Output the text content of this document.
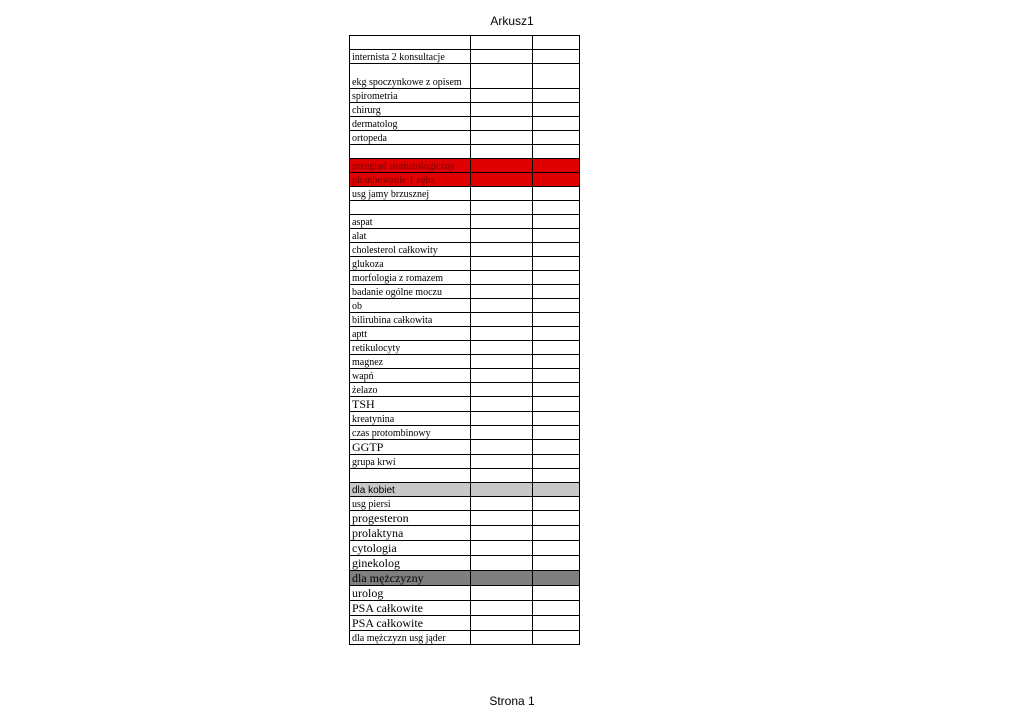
Arkusz1

internista 2 konsultacje		
ekg spoczynkowe z opisem		
spirometria		
chirurg		
dermatolog		
ortopeda		

przegląd stomatologiczny		
plombowanie 1 zęba		
usg jamy brzusznej		

aspat		
alat		
cholesterol całkowity		
glukoza		
morfologia z romazem		
badanie ogólne moczu		
ob		
bilirubina całkowita		
aptt		
retikulocyty		
magnez		
wapń		
żelazo		
TSH		
kreatynina		
czas protombinowy		
GGTP		
grupa krwi		

dla kobiet		
usg piersi		
progesteron		
prolaktyna		
cytologia		
ginekolog		
dla mężczyzny		
urolog		
PSA całkowite		
PSA całkowite		
dla mężczyzn usg jąder		
Strona 1
